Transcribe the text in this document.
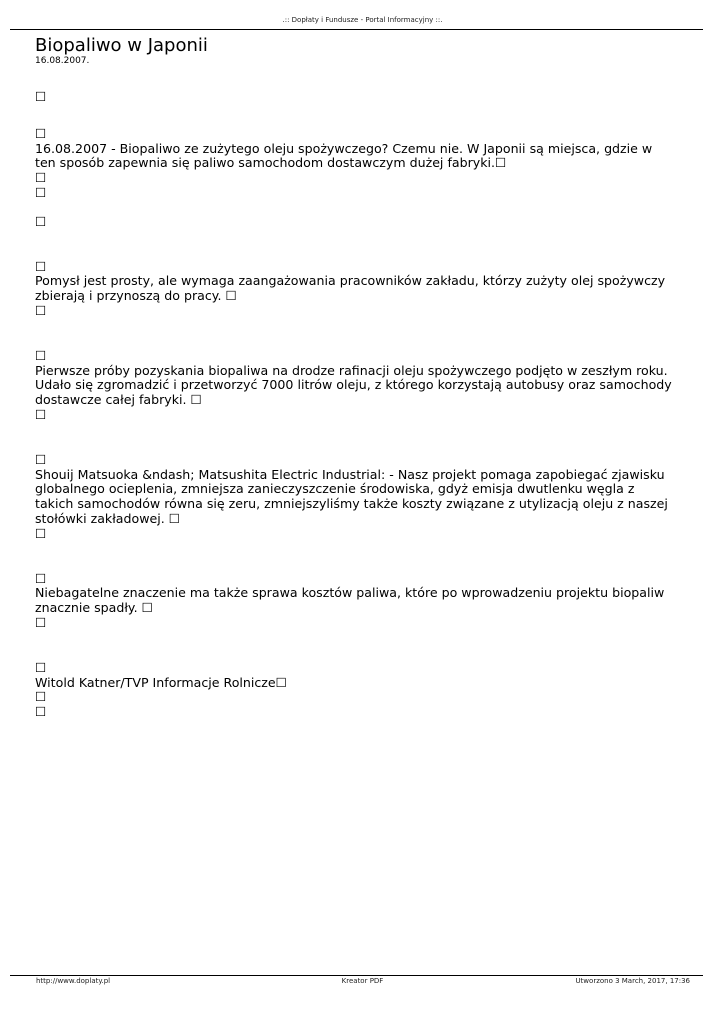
.:: Dopłaty i Fundusze - Portal Informacyjny ::.
Biopaliwo w Japonii
16.08.2007.
☐
☐

16.08.2007 - Biopaliwo ze zużytego oleju spożywczego? Czemu nie. W Japonii są miejsca, gdzie w ten sposób zapewnia się paliwo samochodom dostawczym dużej fabryki.☐

☐
☐
☐
☐

Pomysł jest prosty, ale wymaga zaangażowania pracowników zakładu, którzy zużyty olej spożywczy zbierają i przynoszą do pracy. ☐

☐
☐

Pierwsze próby pozyskania biopaliwa na drodze rafinacji oleju spożywczego podjęto w zeszłym roku. Udało się zgromadzić i przetworzyć 7000 litrów oleju, z którego korzystają autobusy oraz samochody dostawcze całej fabryki. ☐

☐
☐

Shouij Matsuoka &ndash; Matsushita Electric Industrial: - Nasz projekt pomaga zapobiegać zjawisku globalnego ocieplenia, zmniejsza zanieczyszczenie środowiska, gdyż emisja dwutlenku węgla z takich samochodów równa się zeru, zmniejszyliśmy także koszty związane z utylizacją oleju z naszej stołówki zakładowej. ☐

☐
☐

Niebagatelne znaczenie ma także sprawa kosztów paliwa, które po wprowadzeniu projektu biopaliw znacznie spadły. ☐

☐
☐

Witold Katner/TVP Informacje Rolnicze☐

☐
☐
http://www.doplaty.pl	Kreator PDF	Utworzono 3 March, 2017, 17:36
